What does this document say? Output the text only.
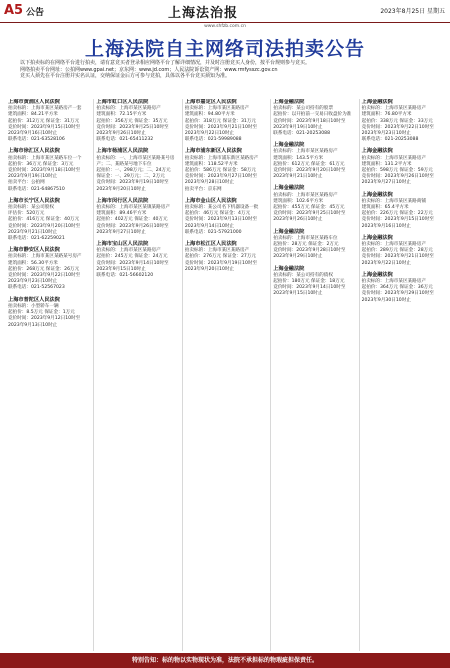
A5 公告	上海法治报	2023年8月25日 星期五
www.shfzb.com.cn
上海法院自主网络司法拍卖公告

以下拍卖标的在网络平台进行拍卖，请有意竞买者登录相应网络平台了解详细情况，并及时注册竞买人身份，按平台规则参与竞买。

网络拍卖平台网址：公拍网www.gpai.net；京东网：www.jd.com；人民法院诉讼资产网：www.rmfysszc.gov.cn

竞买人须先在平台注册并实名认证，交纳保证金后方可参与竞拍，具体以各平台竞买须知为准。

上海市黄浦区人民法院

拍卖标的：上海市某区某路房产一套

建筑面积：84.21平方米

起拍价：312万元 保证金：31万元

竞价时间：2023年9月15日10时至2023年9月16日10时止

联系电话：021-63528106

上海市徐汇区人民法院

拍卖标的：上海市某区某路车位一个

起拍价：36万元 保证金：3万元

竞价时间：2023年9月18日10时至2023年9月19日10时止

拍卖平台：公拍网

联系电话：021-64867510

上海市长宁区人民法院

拍卖标的：某公司股权

评估价：520万元

起拍价：416万元 保证金：40万元

竞价时间：2023年9月20日10时至2023年9月21日10时止

联系电话：021-62259021

上海市静安区人民法院

拍卖标的：上海市某区某路某号房产

建筑面积：56.30平方米

起拍价：268万元 保证金：26万元

竞价时间：2023年9月22日10时至2023年9月23日10时止

联系电话：021-52567023

上海市普陀区人民法院

拍卖标的：小型轿车一辆

起拍价：8.5万元 保证金：1万元

竞价时间：2023年9月12日10时至2023年9月13日10时止

上海市虹口区人民法院

拍卖标的：上海市某区某路房产

建筑面积：72.15平方米

起拍价：356万元 保证金：35万元

竞价时间：2023年9月25日10时至2023年9月26日10时止

联系电话：021-65411232

上海市杨浦区人民法院

拍卖标的：一、上海市某区某路某号房产；二、某路某号地下车位

起拍价：一、298万元；二、24万元

保证金：一、29万元；二、2万元

竞价时间：2023年9月19日10时至2023年9月20日10时止

上海市闵行区人民法院

拍卖标的：上海市某区某镇某路房产

建筑面积：89.46平方米

起拍价：402万元 保证金：40万元

竞价时间：2023年9月26日10时至2023年9月27日10时止

上海市宝山区人民法院

拍卖标的：上海市某区某路房产

起拍价：245万元 保证金：24万元

竞价时间：2023年9月14日10时至2023年9月15日10时止

联系电话：021-56602120

上海市嘉定区人民法院

拍卖标的：上海市某区某路房产

建筑面积：94.80平方米

起拍价：318万元 保证金：31万元

竞价时间：2023年9月21日10时至2023年9月22日10时止

联系电话：021-59989088

上海市浦东新区人民法院

拍卖标的：上海市浦东新区某路房产

建筑面积：118.52平方米

起拍价：586万元 保证金：58万元

竞价时间：2023年9月27日10时至2023年9月28日10时止

拍卖平台：京东网

上海市金山区人民法院

拍卖标的：某公司名下机器设备一批

起拍价：46万元 保证金：4万元

竞价时间：2023年9月13日10时至2023年9月14日10时止

联系电话：021-57921000

上海市松江区人民法院

拍卖标的：上海市某区某路房产

起拍价：276万元 保证金：27万元

竞价时间：2023年9月19日10时至2023年9月20日10时止

上海金融法院

拍卖标的：某公司持有的股票

起拍价：以开拍前一交易日收盘价为准

竞价时间：2023年9月18日10时至2023年9月19日10时止

联系电话：021-20253088

上海金融法院

拍卖标的：上海市某区某路房产

建筑面积：143.5平方米

起拍价：612万元 保证金：61万元

竞价时间：2023年9月20日10时至2023年9月21日10时止

上海金融法院

拍卖标的：上海市某区某路房产

建筑面积：102.6平方米

起拍价：455万元 保证金：45万元

竞价时间：2023年9月25日10时至2023年9月26日10时止

上海金融法院

拍卖标的：上海市某区某路车位

起拍价：28万元 保证金：2万元

竞价时间：2023年9月28日10时至2023年9月29日10时止

上海金融法院

拍卖标的：某公司持有的债权

起拍价：180万元 保证金：18万元

竞价时间：2023年9月14日10时至2023年9月15日10时止

上海金融法院

拍卖标的：上海市某区某路房产

建筑面积：76.80平方米

起拍价：338万元 保证金：33万元

竞价时间：2023年9月22日10时至2023年9月23日10时止

联系电话：021-20253088

上海金融法院

拍卖标的：上海市某区某路房产

建筑面积：131.2平方米

起拍价：598万元 保证金：59万元

竞价时间：2023年9月26日10时至2023年9月27日10时止

上海金融法院

拍卖标的：上海市某区某路商铺

建筑面积：65.4平方米

起拍价：226万元 保证金：22万元

竞价时间：2023年9月15日10时至2023年9月16日10时止

上海金融法院

拍卖标的：上海市某区某路房产

起拍价：289万元 保证金：28万元

竞价时间：2023年9月21日10时至2023年9月22日10时止

上海金融法院

拍卖标的：上海市某区某路房产

起拍价：364万元 保证金：36万元

竞价时间：2023年9月29日10时至2023年9月30日10时止

特别告知：标的物以实物现状为准，法院不承担标的物瑕疵担保责任。
